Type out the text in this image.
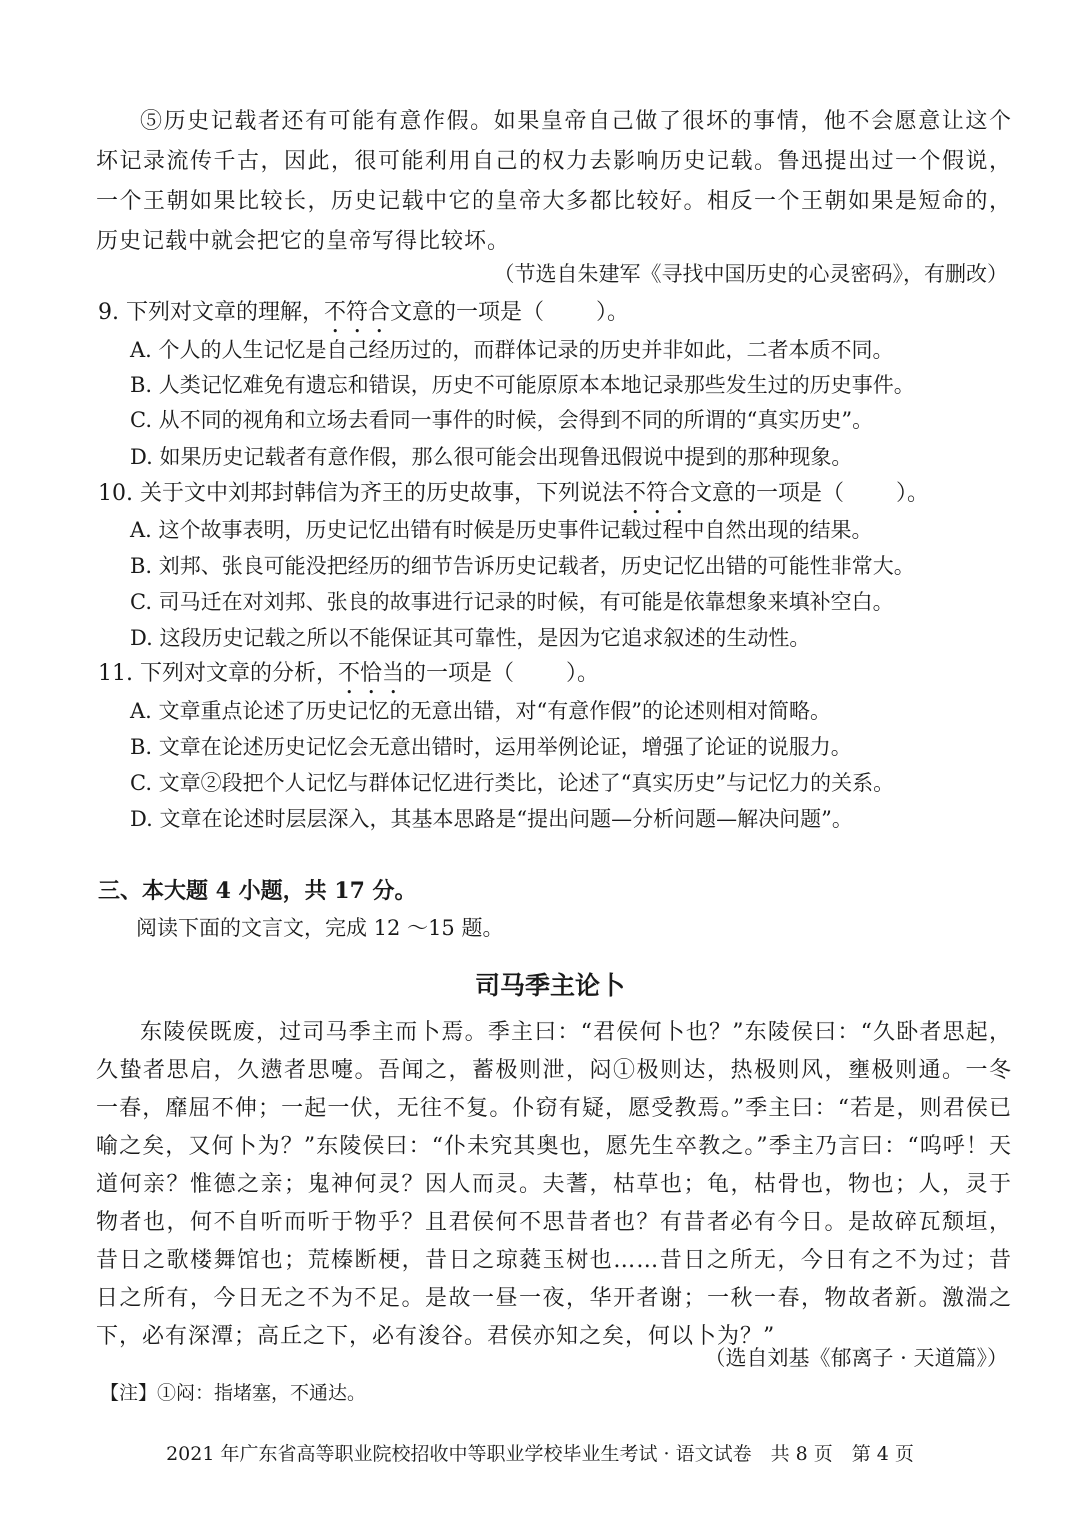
⑤历史记载者还有可能有意作假。如果皇帝自己做了很坏的事情，他不会愿意让这个坏记录流传千古，因此，很可能利用自己的权力去影响历史记载。鲁迅提出过一个假说，一个王朝如果比较长，历史记载中它的皇帝大多都比较好。相反一个王朝如果是短命的，历史记载中就会把它的皇帝写得比较坏。

（节选自朱建军《寻找中国历史的心灵密码》，有删改）
9. 下列对文章的理解，不符合文意的一项是（ ）。
A. 个人的人生记忆是自己经历过的，而群体记录的历史并非如此，二者本质不同。
B. 人类记忆难免有遗忘和错误，历史不可能原原本本地记录那些发生过的历史事件。
C. 从不同的视角和立场去看同一事件的时候，会得到不同的所谓的“真实历史”。
D. 如果历史记载者有意作假，那么很可能会出现鲁迅假说中提到的那种现象。
10. 关于文中刘邦封韩信为齐王的历史故事，下列说法不符合文意的一项是（ ）。
A. 这个故事表明，历史记忆出错有时候是历史事件记载过程中自然出现的结果。
B. 刘邦、张良可能没把经历的细节告诉历史记载者，历史记忆出错的可能性非常大。
C. 司马迁在对刘邦、张良的故事进行记录的时候，有可能是依靠想象来填补空白。
D. 这段历史记载之所以不能保证其可靠性，是因为它追求叙述的生动性。
11. 下列对文章的分析，不恰当的一项是（ ）。
A. 文章重点论述了历史记忆的无意出错，对“有意作假”的论述则相对简略。
B. 文章在论述历史记忆会无意出错时，运用举例论证，增强了论证的说服力。
C. 文章②段把个人记忆与群体记忆进行类比，论述了“真实历史”与记忆力的关系。
D. 文章在论述时层层深入，其基本思路是“提出问题—分析问题—解决问题”。
三、本大题 4 小题，共 17 分。
阅读下面的文言文，完成 12 ～15 题。
司马季主论卜

东陵侯既废，过司马季主而卜焉。季主曰：“君侯何卜也？”东陵侯曰：“久卧者思起，久蛰者思启，久懑者思嚏。吾闻之，蓄极则泄，闷①极则达，热极则风，壅极则通。一冬一春，靡屈不伸；一起一伏，无往不复。仆窃有疑，愿受教焉。”季主曰：“若是，则君侯已喻之矣，又何卜为？”东陵侯曰：“仆未究其奥也，愿先生卒教之。”季主乃言曰：“呜呼！天道何亲？惟德之亲；鬼神何灵？因人而灵。夫蓍，枯草也；龟，枯骨也，物也；人，灵于物者也，何不自听而听于物乎？且君侯何不思昔者也？有昔者必有今日。是故碎瓦颓垣，昔日之歌楼舞馆也；荒榛断梗，昔日之琼蕤玉树也……昔日之所无，今日有之不为过；昔日之所有，今日无之不为不足。是故一昼一夜，华开者谢；一秋一春，物故者新。激湍之下，必有深潭；高丘之下，必有浚谷。君侯亦知之矣，何以卜为？”

（选自刘基《郁离子 · 天道篇》）
【注】①闷：指堵塞，不通达。
2021 年广东省高等职业院校招收中等职业学校毕业生考试 · 语文试卷　共 8 页　第 4 页
